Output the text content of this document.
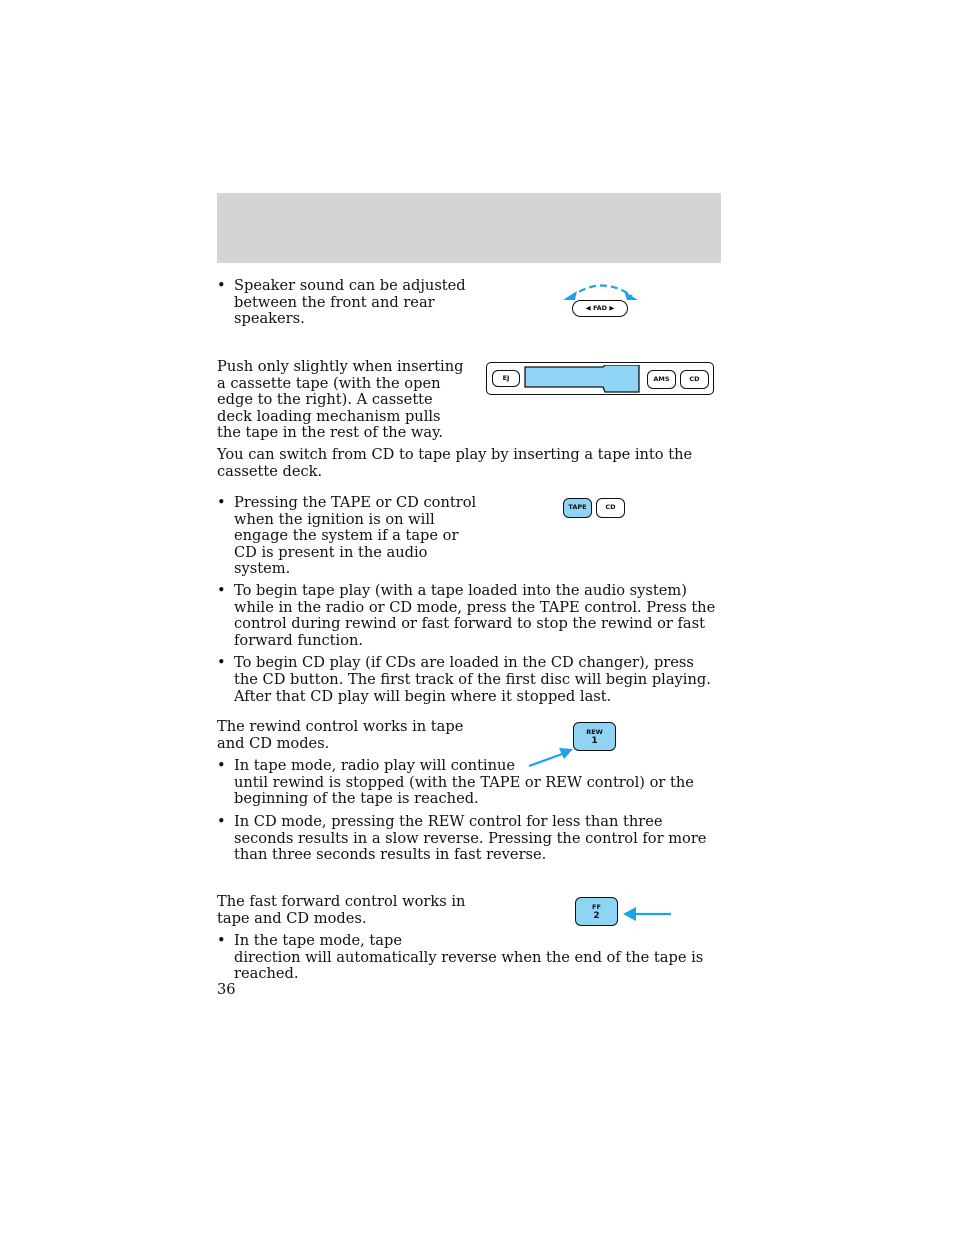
• Speaker sound can be adjusted between the front and rear speakers.

◀ FAD ▶

Push only slightly when inserting a cassette tape (with the open edge to the right). A cassette deck loading mechanism pulls the tape in the rest of the way.

You can switch from CD to tape play by inserting a tape into the cassette deck.

EJ	AMS	CD
• Pressing the TAPE or CD control when the ignition is on will engage the system if a tape or CD is present in the audio system.

• To begin tape play (with a tape loaded into the audio system) while in the radio or CD mode, press the TAPE control. Press the control during rewind or fast forward to stop the rewind or fast forward function.

• To begin CD play (if CDs are loaded in the CD changer), press the CD button. The first track of the first disc will begin playing. After that CD play will begin where it stopped last.

TAPE	CD

The rewind control works in tape and CD modes.

• In tape mode, radio play will continue until rewind is stopped (with the TAPE or REW control) or the beginning of the tape is reached.

• In CD mode, pressing the REW control for less than three seconds results in a slow reverse. Pressing the control for more than three seconds results in fast reverse.

REW
1

The fast forward control works in tape and CD modes.

• In the tape mode, tape direction will automatically reverse when the end of the tape is reached.

FF
2
36
